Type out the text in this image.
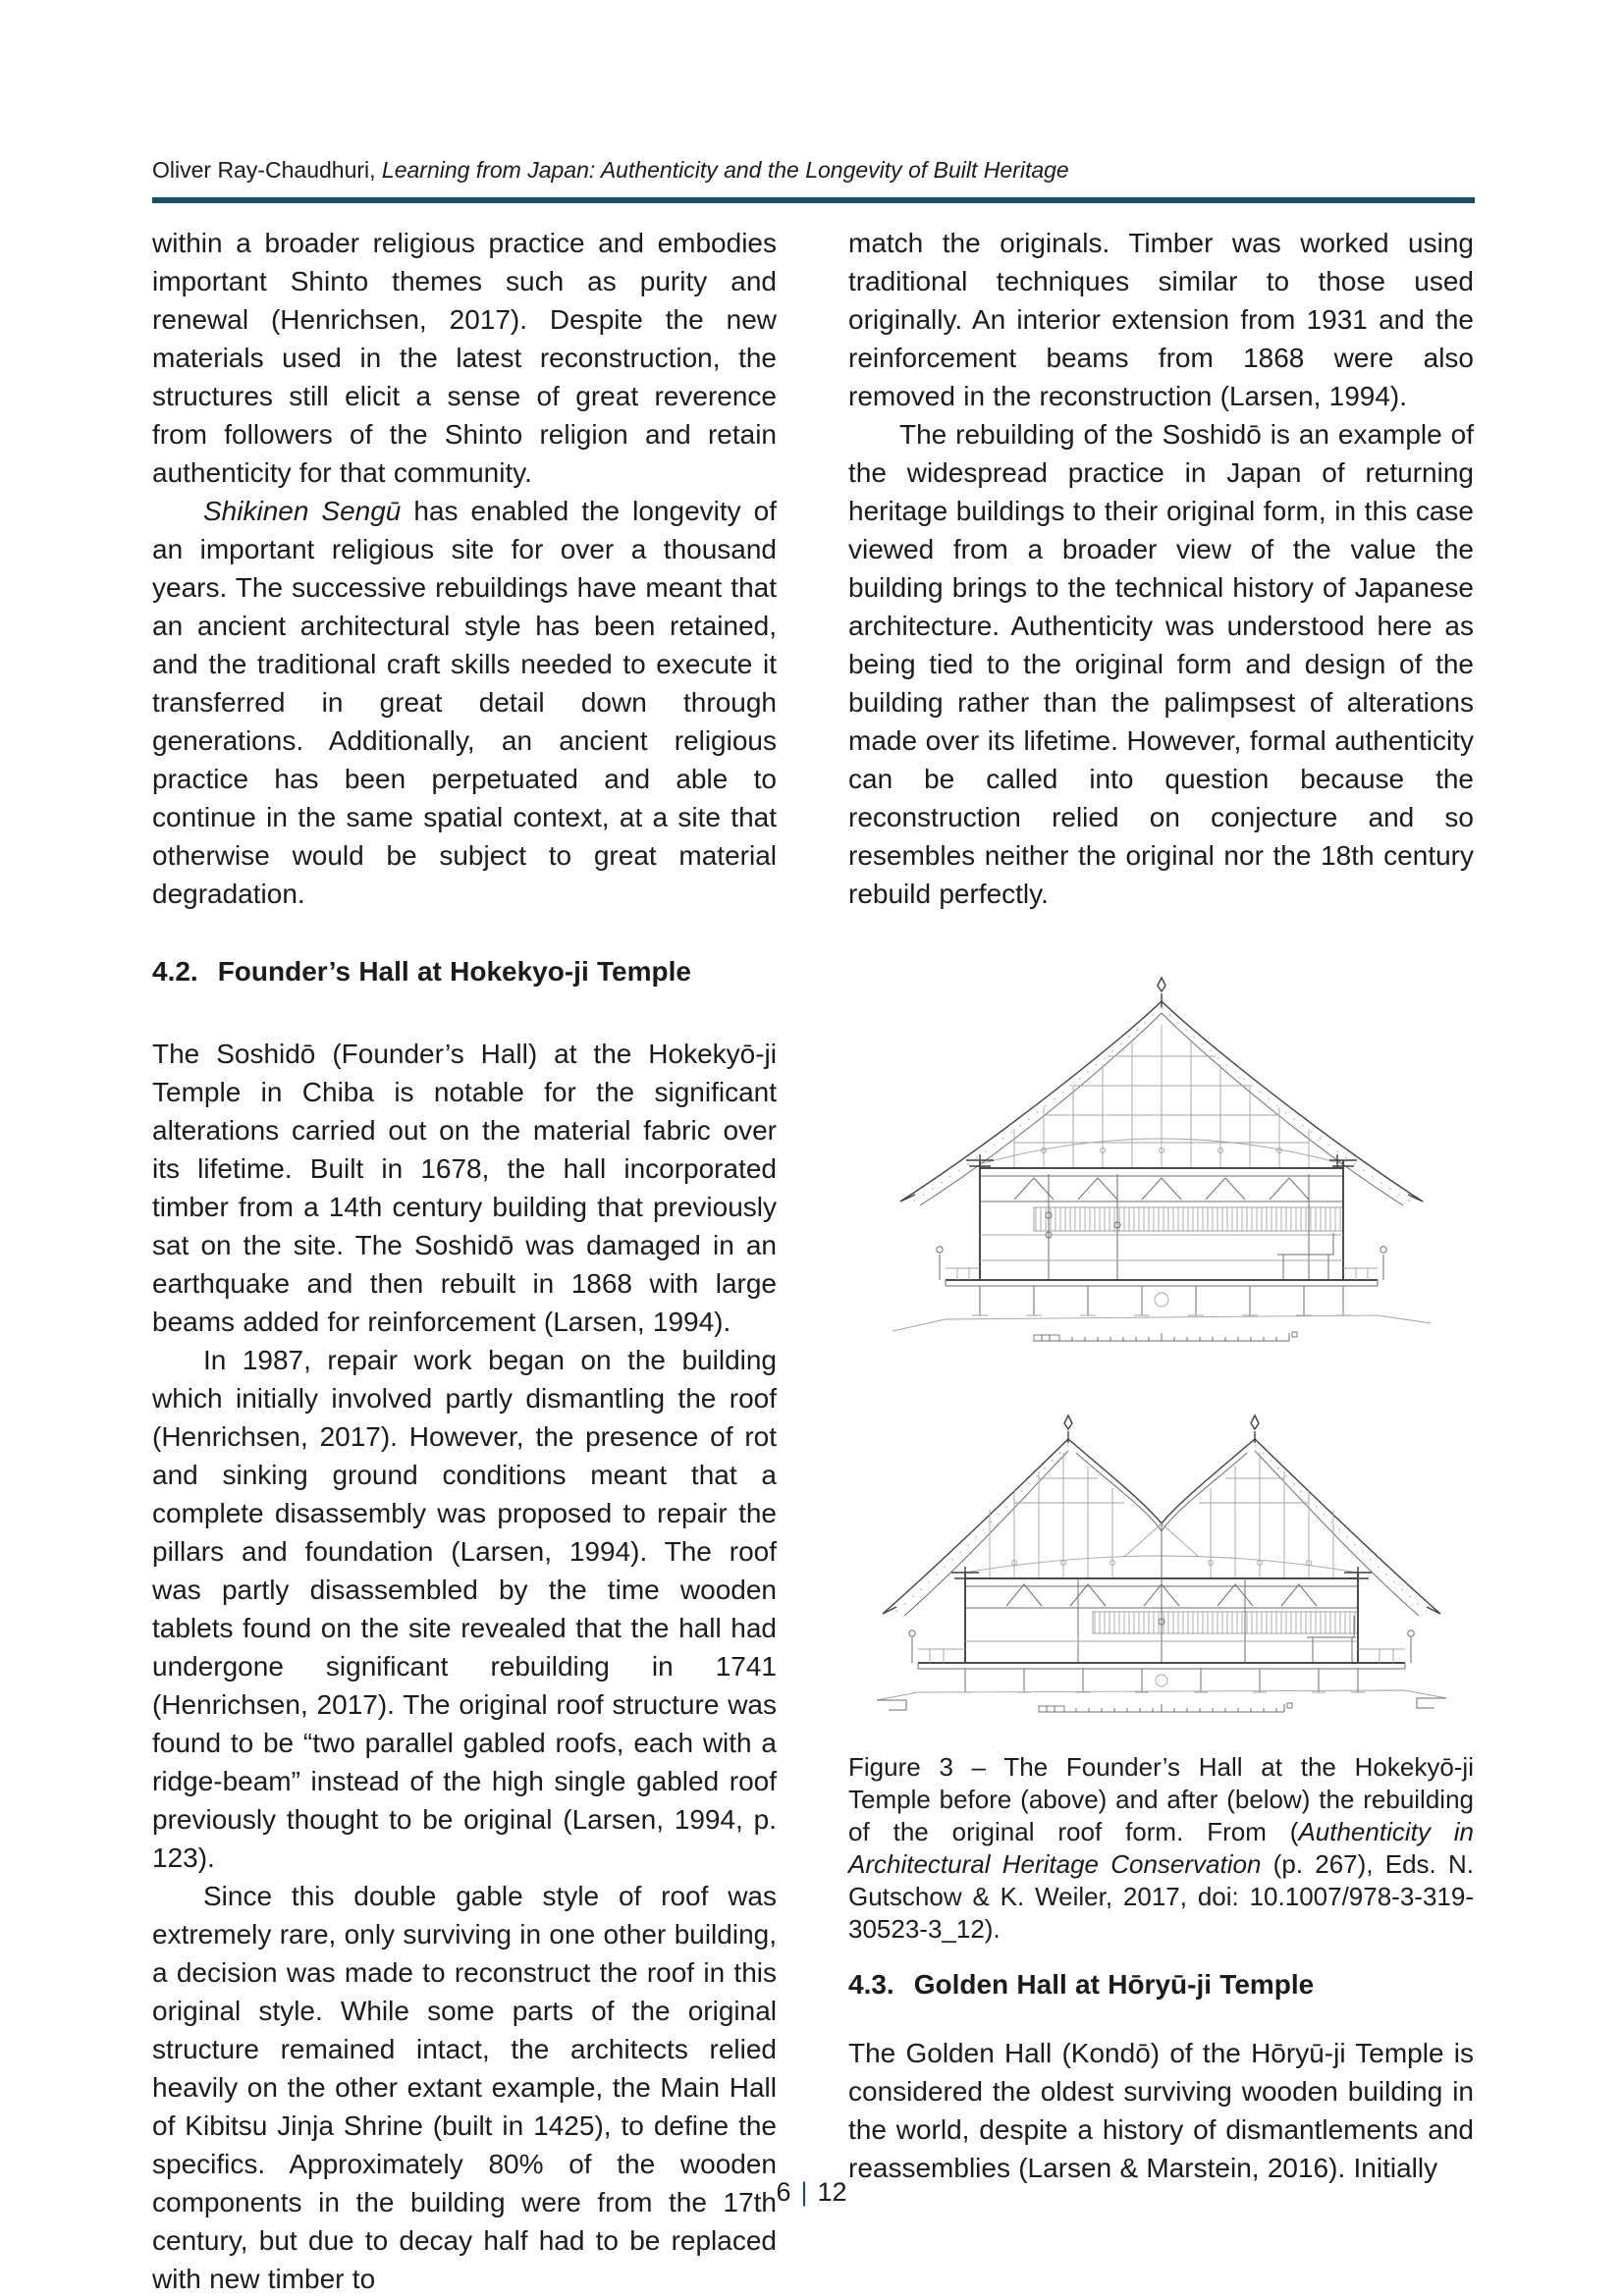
Oliver Ray-Chaudhuri, Learning from Japan: Authenticity and the Longevity of Built Heritage

within a broader religious practice and embodies important Shinto themes such as purity and renewal (Henrichsen, 2017). Despite the new materials used in the latest reconstruction, the structures still elicit a sense of great reverence from followers of the Shinto religion and retain authenticity for that community.

Shikinen Sengū has enabled the longevity of an important religious site for over a thousand years. The successive rebuildings have meant that an ancient architectural style has been retained, and the traditional craft skills needed to execute it transferred in great detail down through generations. Additionally, an ancient religious practice has been perpetuated and able to continue in the same spatial context, at a site that otherwise would be subject to great material degradation.

4.2. Founder’s Hall at Hokekyo-ji Temple

The Soshidō (Founder’s Hall) at the Hokekyō-ji Temple in Chiba is notable for the significant alterations carried out on the material fabric over its lifetime. Built in 1678, the hall incorporated timber from a 14th century building that previously sat on the site. The Soshidō was damaged in an earthquake and then rebuilt in 1868 with large beams added for reinforcement (Larsen, 1994).

In 1987, repair work began on the building which initially involved partly dismantling the roof (Henrichsen, 2017). However, the presence of rot and sinking ground conditions meant that a complete disassembly was proposed to repair the pillars and foundation (Larsen, 1994). The roof was partly disassembled by the time wooden tablets found on the site revealed that the hall had undergone significant rebuilding in 1741 (Henrichsen, 2017). The original roof structure was found to be “two parallel gabled roofs, each with a ridge-beam” instead of the high single gabled roof previously thought to be original (Larsen, 1994, p. 123).

Since this double gable style of roof was extremely rare, only surviving in one other building, a decision was made to reconstruct the roof in this original style. While some parts of the original structure remained intact, the architects relied heavily on the other extant example, the Main Hall of Kibitsu Jinja Shrine (built in 1425), to define the specifics. Approximately 80% of the wooden components in the building were from the 17th century, but due to decay half had to be replaced with new timber to

match the originals. Timber was worked using traditional techniques similar to those used originally. An interior extension from 1931 and the reinforcement beams from 1868 were also removed in the reconstruction (Larsen, 1994).

The rebuilding of the Soshidō is an example of the widespread practice in Japan of returning heritage buildings to their original form, in this case viewed from a broader view of the value the building brings to the technical history of Japanese architecture. Authenticity was understood here as being tied to the original form and design of the building rather than the palimpsest of alterations made over its lifetime. However, formal authenticity can be called into question because the reconstruction relied on conjecture and so resembles neither the original nor the 18th century rebuild perfectly.

Figure 3 – The Founder’s Hall at the Hokekyō-ji Temple before (above) and after (below) the rebuilding of the original roof form. From (Authenticity in Architectural Heritage Conservation (p. 267), Eds. N. Gutschow & K. Weiler, 2017, doi: 10.1007/978-3-319-30523-3_12).
4.3. Golden Hall at Hōryū-ji Temple

The Golden Hall (Kondō) of the Hōryū-ji Temple is considered the oldest surviving wooden building in the world, despite a history of dismantlements and reassemblies (Larsen & Marstein, 2016). Initially

6 | 12
